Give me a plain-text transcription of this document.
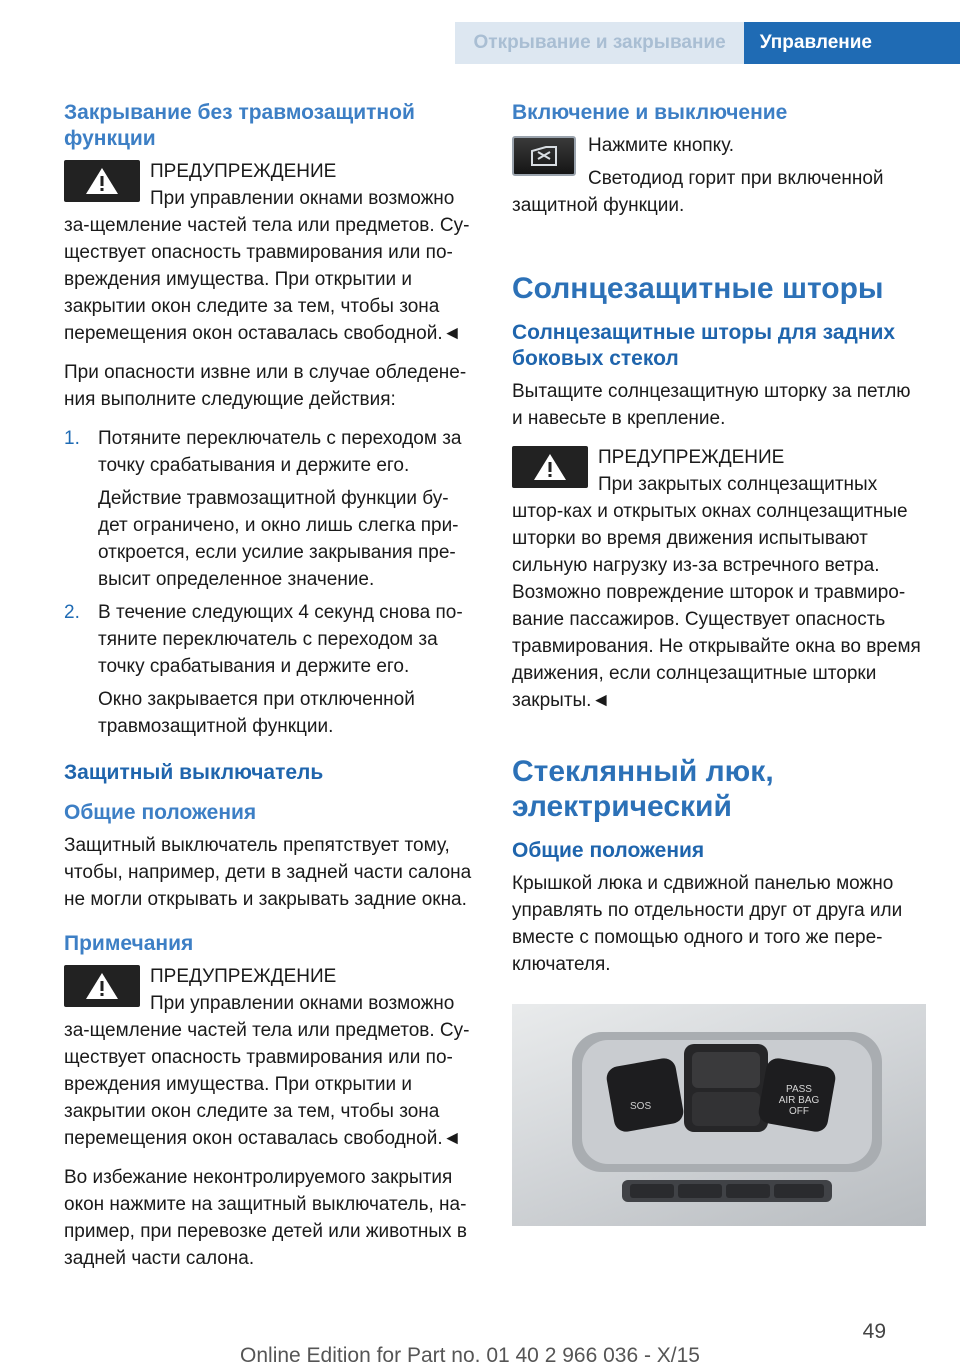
Открывание и закрывание	Управление
Закрывание без травмозащитной функции
ПРЕДУПРЕЖДЕНИЕ
При управлении окнами возможно за‐щемление частей тела или предметов. Су‐ществует опасность травмирования или по‐вреждения имущества. При открытии и закрытии окон следите за тем, чтобы зона перемещения окон оставалась свободной.◄

При опасности извне или в случае обледене‐ния выполните следующие действия:

1. Потяните переключатель с переходом за точку срабатывания и держите его.

Действие травмозащитной функции бу‐дет ограничено, и окно лишь слегка при‐откроется, если усилие закрывания пре‐высит определенное значение.

2. В течение следующих 4 секунд снова по‐тяните переключатель с переходом за точку срабатывания и держите его.

Окно закрывается при отключенной травмозащитной функции.

Защитный выключатель
Общие положения

Защитный выключатель препятствует тому, чтобы, например, дети в задней части салона не могли открывать и закрывать задние окна.

Примечания
ПРЕДУПРЕЖДЕНИЕ
При управлении окнами возможно за‐щемление частей тела или предметов. Су‐ществует опасность травмирования или по‐вреждения имущества. При открытии и закрытии окон следите за тем, чтобы зона перемещения окон оставалась свободной.◄

Во избежание неконтролируемого закрытия окон нажмите на защитный выключатель, на‐пример, при перевозке детей или животных в задней части салона.

Включение и выключение

Нажмите кнопку.

Светодиод горит при включенной защитной функции.

Солнцезащитные шторы
Солнцезащитные шторы для задних боковых стекол

Вытащите солнцезащитную шторку за петлю и навесьте в крепление.

ПРЕДУПРЕЖДЕНИЕ
При закрытых солнцезащитных штор‐ках и открытых окнах солнцезащитные шторки во время движения испытывают сильную нагрузку из-за встречного ветра. Возможно повреждение шторок и травмиро‐вание пассажиров. Существует опасность травмирования. Не открывайте окна во время движения, если солнцезащитные шторки закрыты.◄
Стеклянный люк, электрический
Общие положения

Крышкой люка и сдвижной панелью можно управлять по отдельности друг от друга или вместе с помощью одного и того же пере‐ключателя.

SOS
PASS
AIR BAG
OFF
49
Online Edition for Part no. 01 40 2 966 036 - X/15
